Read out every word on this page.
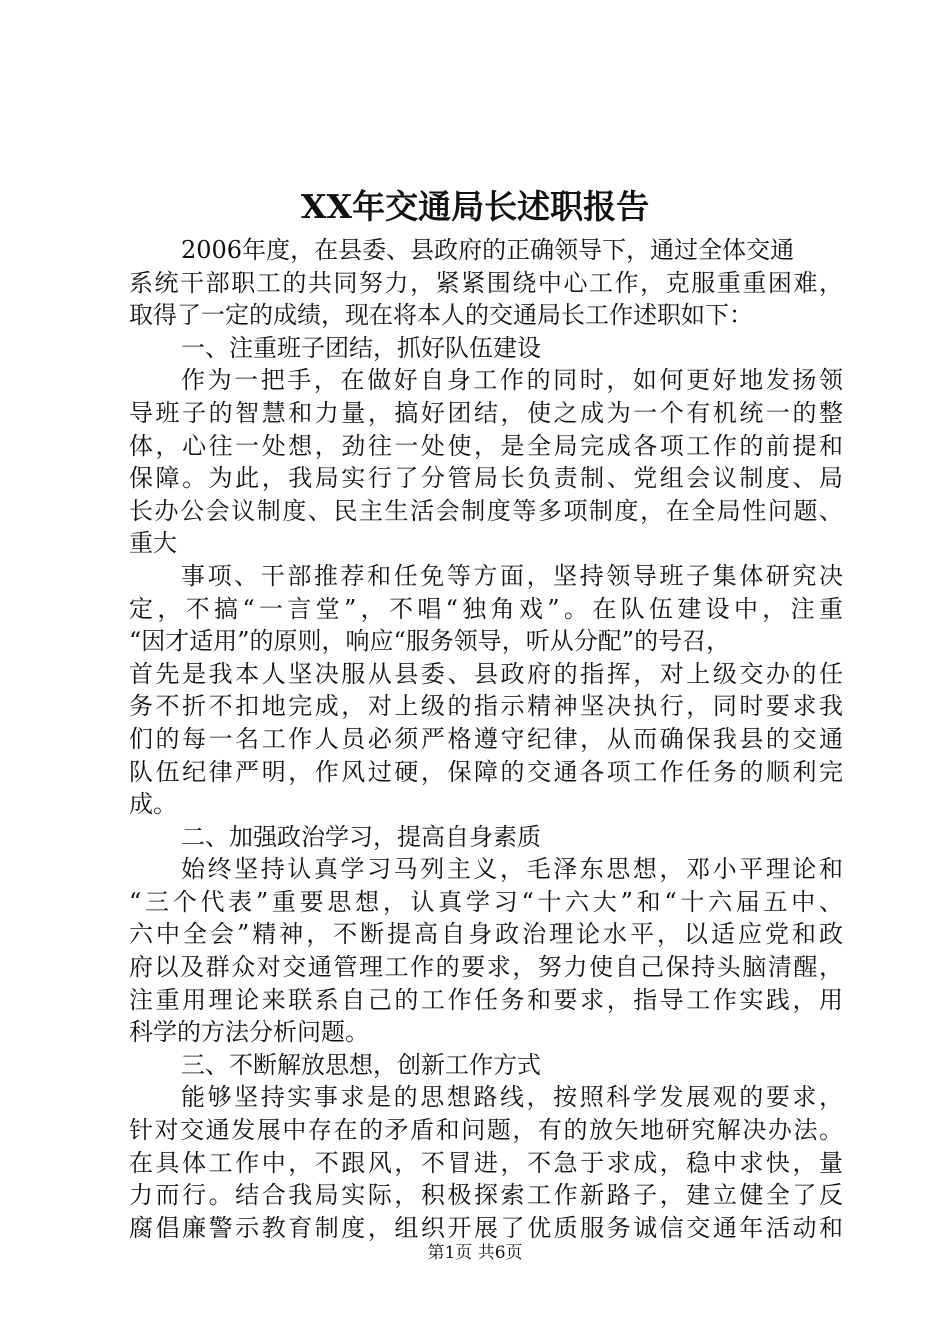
XX年交通局长述职报告
2006年度，在县委、县政府的正确领导下，通过全体交通
系统干部职工的共同努力，紧紧围绕中心工作，克服重重困难，
取得了一定的成绩，现在将本人的交通局长工作述职如下：
一、注重班子团结，抓好队伍建设
作为一把手，在做好自身工作的同时，如何更好地发扬领
导班子的智慧和力量，搞好团结，使之成为一个有机统一的整
体，心往一处想，劲往一处使，是全局完成各项工作的前提和
保障。为此，我局实行了分管局长负责制、党组会议制度、局
长办公会议制度、民主生活会制度等多项制度，在全局性问题、
重大
事项、干部推荐和任免等方面，坚持领导班子集体研究决
定，不搞“一言堂”，不唱“独角戏”。在队伍建设中，注重
“因才适用”的原则，响应“服务领导，听从分配”的号召，
首先是我本人坚决服从县委、县政府的指挥，对上级交办的任
务不折不扣地完成，对上级的指示精神坚决执行，同时要求我
们的每一名工作人员必须严格遵守纪律，从而确保我县的交通
队伍纪律严明，作风过硬，保障的交通各项工作任务的顺利完
成。
二、加强政治学习，提高自身素质
始终坚持认真学习马列主义，毛泽东思想，邓小平理论和
“三个代表”重要思想，认真学习“十六大”和“十六届五中、
六中全会”精神，不断提高自身政治理论水平，以适应党和政
府以及群众对交通管理工作的要求，努力使自己保持头脑清醒，
注重用理论来联系自己的工作任务和要求，指导工作实践，用
科学的方法分析问题。
三、不断解放思想，创新工作方式
能够坚持实事求是的思想路线，按照科学发展观的要求，
针对交通发展中存在的矛盾和问题，有的放矢地研究解决办法。
在具体工作中，不跟风，不冒进，不急于求成，稳中求快，量
力而行。结合我局实际，积极探索工作新路子，建立健全了反
腐倡廉警示教育制度，组织开展了优质服务诚信交通年活动和
第1页 共6页
